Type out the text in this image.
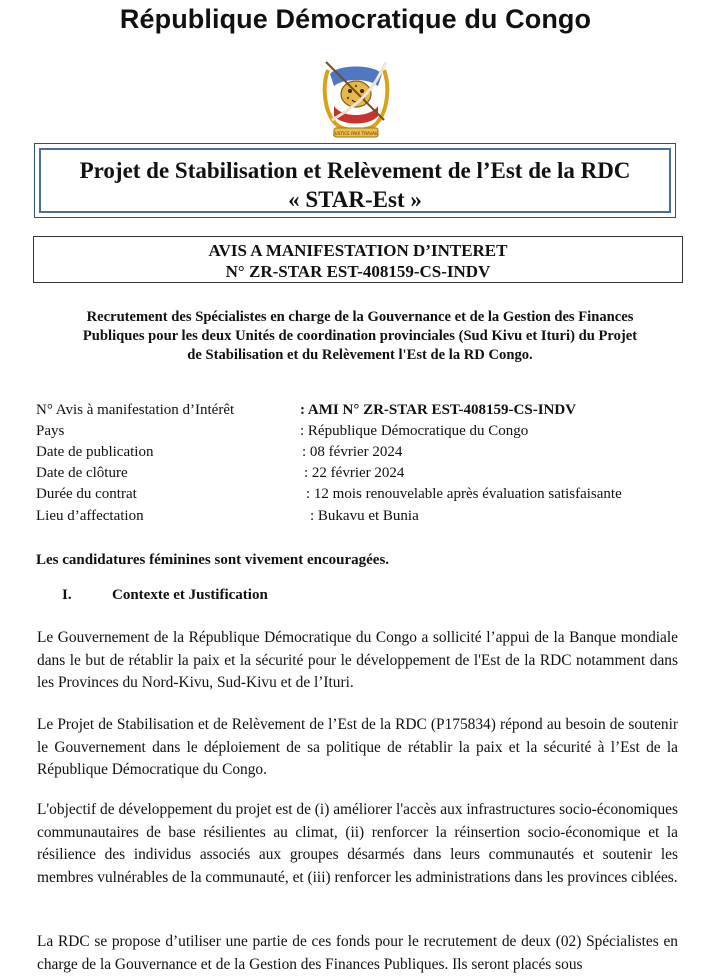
République Démocratique du Congo
JUSTICE PAIX TRAVAIL
Projet de Stabilisation et Relèvement de l’Est de la RDC
« STAR-Est »
AVIS A MANIFESTATION D’INTERET
N° ZR-STAR EST-408159-CS-INDV
Recrutement des Spécialistes en charge de la Gouvernance et de la Gestion des Finances
Publiques pour les deux Unités de coordination provinciales (Sud Kivu et Ituri) du Projet
de Stabilisation et du Relèvement l'Est de la RD Congo.
N° Avis à manifestation d’Intérêt	: AMI N° ZR-STAR EST-408159-CS-INDV
Pays	: République Démocratique du Congo
Date de publication	: 08 février 2024
Date de clôture	: 22 février 2024
Durée du contrat	: 12 mois renouvelable après évaluation satisfaisante
Lieu d’affectation	: Bukavu et Bunia
Les candidatures féminines sont vivement encouragées.
I.	Contexte et Justification
Le Gouvernement de la République Démocratique du Congo a sollicité l’appui de la Banque mondiale dans le but de rétablir la paix et la sécurité pour le développement de l'Est de la RDC notamment dans les Provinces du Nord-Kivu, Sud-Kivu et de l’Ituri.
Le Projet de Stabilisation et de Relèvement de l’Est de la RDC (P175834) répond au besoin de soutenir le Gouvernement dans le déploiement de sa politique de rétablir la paix et la sécurité à l’Est de la République Démocratique du Congo.
L'objectif de développement du projet est de (i) améliorer l'accès aux infrastructures socio-économiques communautaires de base résilientes au climat, (ii) renforcer la réinsertion socio-économique et la résilience des individus associés aux groupes désarmés dans leurs communautés et soutenir les membres vulnérables de la communauté, et (iii) renforcer les administrations dans les provinces ciblées.
La RDC se propose d’utiliser une partie de ces fonds pour le recrutement de deux (02) Spécialistes en charge de la Gouvernance et de la Gestion des Finances Publiques. Ils seront placés sous
